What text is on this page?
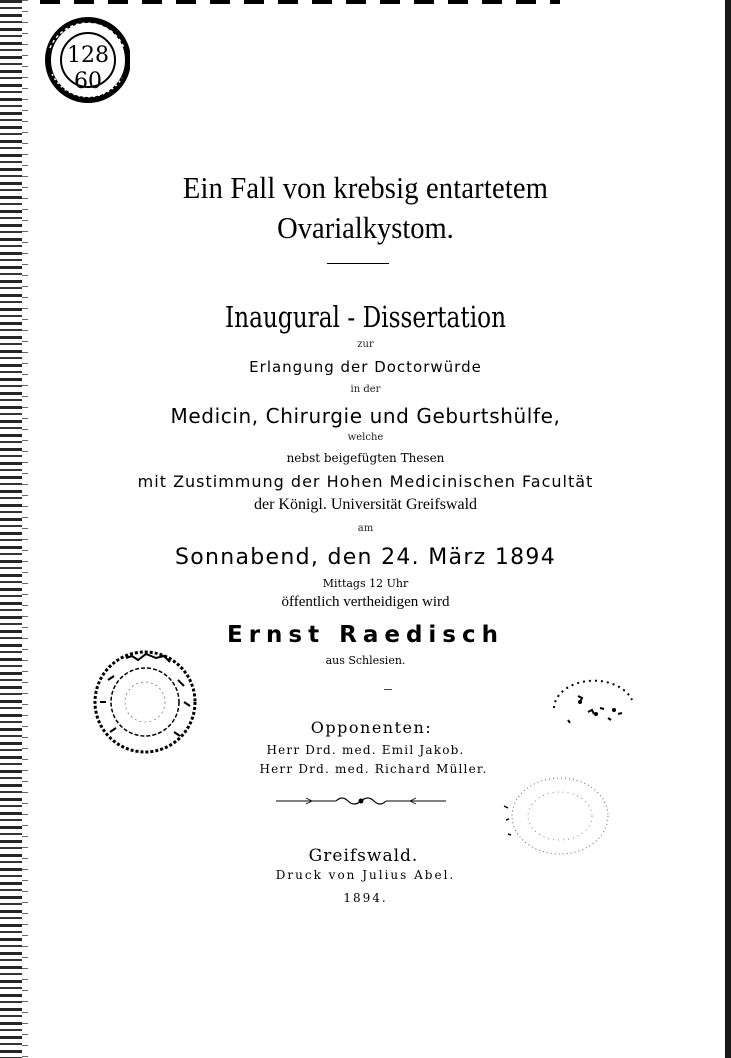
128
60
Ein Fall von krebsig entartetem
Ovarialkystom.
Inaugural - Dissertation
zur
Erlangung der Doctorwürde
in der
Medicin, Chirurgie und Geburtshülfe,
welche
nebst beigefügten Thesen
mit Zustimmung der Hohen Medicinischen Facultät
der Königl. Universität Greifswald
am
Sonnabend, den 24. März 1894
Mittags 12 Uhr
öffentlich vertheidigen wird
Ernst Raedisch
aus Schlesien.
Opponenten:
Herr Drd. med. Emil Jakob.
Herr Drd. med. Richard Müller.
Greifswald.
Druck von Julius Abel.
1894.
